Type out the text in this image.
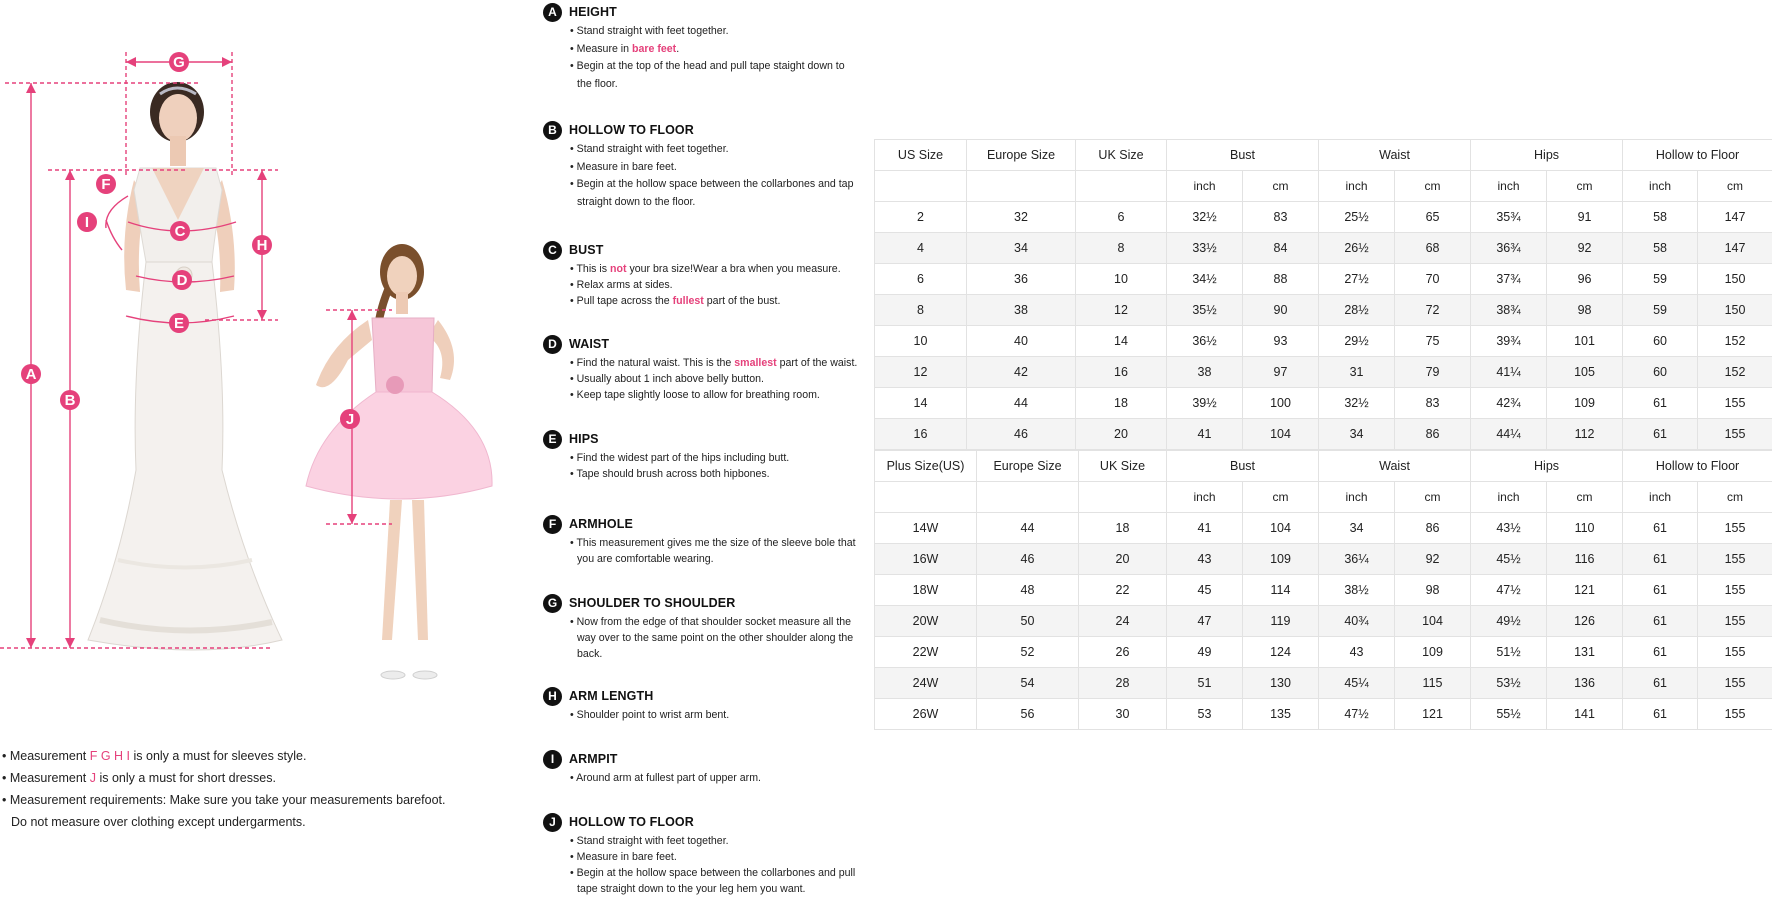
G
A
B
F
I
C
H
D
E
J
• Measurement F G H I is only a must for sleeves style.
• Measurement J is only a must for short dresses.
• Measurement requirements: Make sure you take your measurements barefoot.
Do not measure over clothing except undergarments.
A HEIGHT
• Stand straight with feet together.
• Measure in bare feet.
• Begin at the top of the head and pull tape staight down to
the floor.
B HOLLOW TO FLOOR
• Stand straight with feet together.
• Measure in bare feet.
• Begin at the hollow space between the collarbones and tap
straight down to the floor.
C BUST
• This is not your bra size!Wear a bra when you measure.
• Relax arms at sides.
• Pull tape across the fullest part of the bust.
D WAIST
• Find the natural waist. This is the smallest part of the waist.
• Usually about 1 inch above belly button.
• Keep tape slightly loose to allow for breathing room.
E	HIPS
• Find the widest part of the hips including butt.
• Tape should brush across both hipbones.
F	ARMHOLE
• This measurement gives me the size of the sleeve bole that
you are comfortable wearing.
G SHOULDER TO SHOULDER
• Now from the edge of that shoulder socket measure all the
way over to the same point on the other shoulder along the
back.
H ARM LENGTH
• Shoulder point to wrist arm bent.
I	ARMPIT
• Around arm at fullest part of upper arm.
J	HOLLOW TO FLOOR
• Stand straight with feet together.
• Measure in bare feet.
• Begin at the hollow space between the collarbones and pull
tape straight down to the your leg hem you want.
US Size	Europe Size	UK Size	Bust		Waist		Hips		Hollow to Floor	
			inch	cm	inch	cm	inch	cm	inch	cm
2	32	6	32½	83	25½	65	35¾	91	58	147
4	34	8	33½	84	26½	68	36¾	92	58	147
6	36	10	34½	88	27½	70	37¾	96	59	150
8	38	12	35½	90	28½	72	38¾	98	59	150
10	40	14	36½	93	29½	75	39¾	101	60	152
12	42	16	38	97	31	79	41¼	105	60	152
14	44	18	39½	100	32½	83	42¾	109	61	155
16	46	20	41	104	34	86	44¼	112	61	155
Plus Size(US)	Europe Size	UK Size	Bust		Waist		Hips		Hollow to Floor	
			inch	cm	inch	cm	inch	cm	inch	cm
14W	44	18	41	104	34	86	43½	110	61	155
16W	46	20	43	109	36¼	92	45½	116	61	155
18W	48	22	45	114	38½	98	47½	121	61	155
20W	50	24	47	119	40¾	104	49½	126	61	155
22W	52	26	49	124	43	109	51½	131	61	155
24W	54	28	51	130	45¼	115	53½	136	61	155
26W	56	30	53	135	47½	121	55½	141	61	155
